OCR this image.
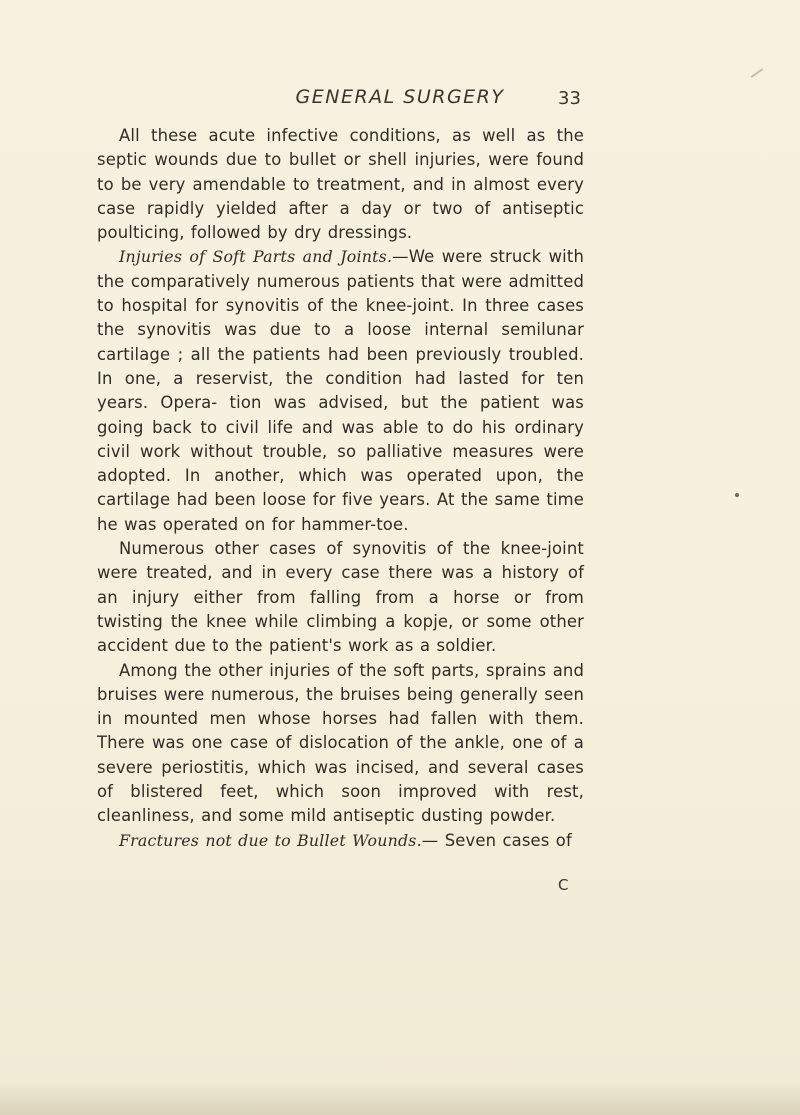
GENERAL SURGERY	33

All these acute infective conditions, as well as the septic wounds due to bullet or shell injuries, were found to be very amendable to treatment, and in almost every case rapidly yielded after a day or two of antiseptic poulticing, followed by dry dressings.

Injuries of Soft Parts and Joints.—We were struck with the comparatively numerous patients that were admitted to hospital for synovitis of the knee-joint. In three cases the synovitis was due to a loose internal semilunar cartilage ; all the patients had been previously troubled. In one, a reservist, the condition had lasted for ten years. Opera- tion was advised, but the patient was going back to civil life and was able to do his ordinary civil work without trouble, so palliative measures were adopted. In another, which was operated upon, the cartilage had been loose for five years. At the same time he was operated on for hammer-toe.

Numerous other cases of synovitis of the knee-joint were treated, and in every case there was a history of an injury either from falling from a horse or from twisting the knee while climbing a kopje, or some other accident due to the patient's work as a soldier.

Among the other injuries of the soft parts, sprains and bruises were numerous, the bruises being generally seen in mounted men whose horses had fallen with them. There was one case of dislocation of the ankle, one of a severe periostitis, which was incised, and several cases of blistered feet, which soon improved with rest, cleanliness, and some mild antiseptic dusting powder.

Fractures not due to Bullet Wounds.— Seven cases of

C
